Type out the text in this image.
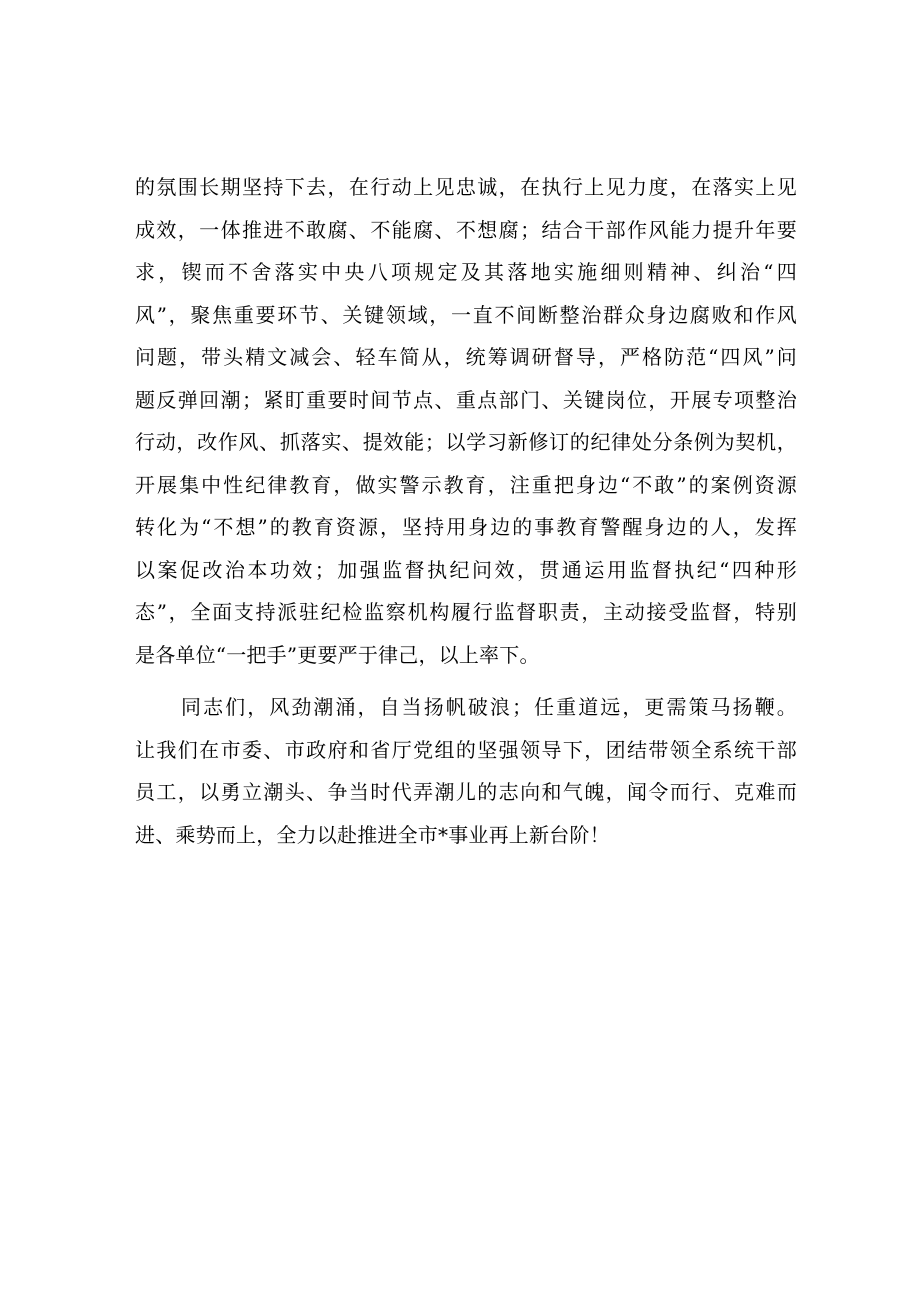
的氛围长期坚持下去，在行动上见忠诚，在执行上见力度，在落实上见
成效，一体推进不敢腐、不能腐、不想腐；结合干部作风能力提升年要
求，锲而不舍落实中央八项规定及其落地实施细则精神、纠治“四
风”，聚焦重要环节、关键领域，一直不间断整治群众身边腐败和作风
问题，带头精文减会、轻车简从，统筹调研督导，严格防范“四风”问
题反弹回潮；紧盯重要时间节点、重点部门、关键岗位，开展专项整治
行动，改作风、抓落实、提效能；以学习新修订的纪律处分条例为契机，
开展集中性纪律教育，做实警示教育，注重把身边“不敢”的案例资源
转化为“不想”的教育资源，坚持用身边的事教育警醒身边的人，发挥
以案促改治本功效；加强监督执纪问效，贯通运用监督执纪“四种形
态”，全面支持派驻纪检监察机构履行监督职责，主动接受监督，特别
是各单位“一把手”更要严于律己，以上率下。
同志们，风劲潮涌，自当扬帆破浪；任重道远，更需策马扬鞭。
让我们在市委、市政府和省厅党组的坚强领导下，团结带领全系统干部
员工，以勇立潮头、争当时代弄潮儿的志向和气魄，闻令而行、克难而
进、乘势而上，全力以赴推进全市*事业再上新台阶！
